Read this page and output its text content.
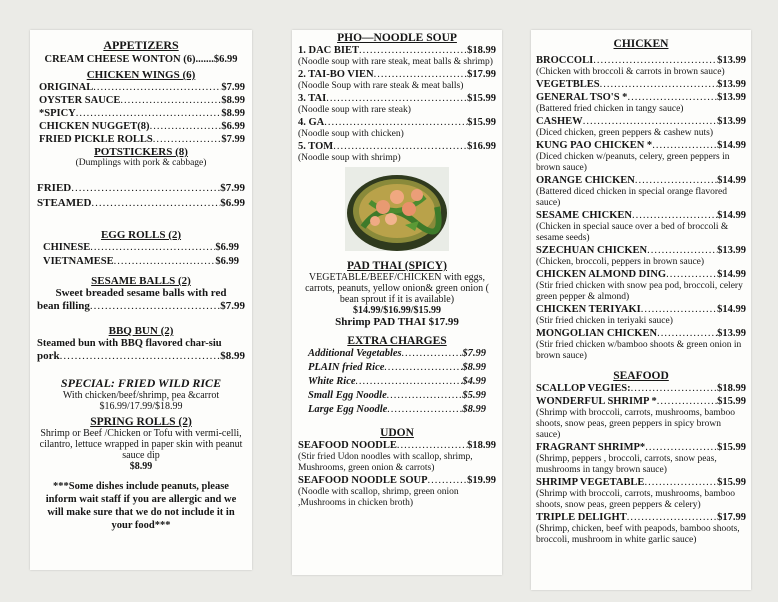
APPETIZERS
CREAM CHEESE WONTON (6).......$6.99
CHICKEN WINGS (6)
ORIGINAL .....	$7.99
OYSTER SAUCE .....	$8.99
*SPICY .....	$8.99
CHICKEN NUGGET(8) .....	$6.99
FRIED PICKLE ROLLS .....	$7.99
POTSTICKERS (8)
(Dumplings with pork & cabbage)
FRIED .....	$7.99
STEAMED .....	$6.99
EGG ROLLS (2)
CHINESE .....	$6.99
VIETNAMESE .....	$6.99
SESAME BALLS (2)
Sweet breaded sesame balls with red
bean filling .....	$7.99
BBQ BUN (2)
Steamed bun with BBQ flavored char-siu
pork .....	$8.99
SPECIAL: FRIED WILD RICE
With chicken/beef/shrimp, pea &carrot
$16.99/17.99/$18.99
SPRING ROLLS (2)
Shrimp or Beef /Chicken or Tofu with vermi-celli, cilantro, lettuce wrapped in paper skin with peanut sauce dip
$8.99
***Some dishes include peanuts, please inform wait staff if you are allergic and we will make sure that we do not include it in your food***
PHO—NOODLE SOUP
1. DAC BIET .....	$18.99
(Noodle soup with rare steak, meat balls & shrimp)
2. TAI-BO VIEN .....	$17.99
(Noodle Soup with rare steak & meat balls)
3. TAI .....	$15.99
(Noodle soup with rare steak)
4. GA .....	$15.99
(Noodle soup with chicken)
5. TOM .....	$16.99
(Noodle soup with shrimp)
PAD THAI (SPICY)
VEGETABLE/BEEF/CHICKEN with eggs, carrots, peanuts, yellow onion& green onion ( bean sprout if it is available)
$14.99/$16.99/$15.99
Shrimp PAD THAI $17.99
EXTRA CHARGES
Additional Vegetables .....	$7.99
PLAIN fried Rice .....	$8.99
White Rice .....	$4.99
Small Egg Noodle .....	$5.99
Large Egg Noodle .....	$8.99
UDON
SEAFOOD NOODLE .....	$18.99
(Stir fried Udon noodles with scallop, shrimp, Mushrooms, green onion & carrots)
SEAFOOD NOODLE SOUP .....	$19.99
(Noodle with scallop, shrimp, green onion ,Mushrooms in chicken broth)
CHICKEN
BROCCOLI .....	$13.99
(Chicken with broccoli & carrots in brown sauce)
VEGETBLES .....	$13.99
GENERAL TSO'S * .....	$13.99
(Battered fried chicken in tangy sauce)
CASHEW .....	$13.99
(Diced chicken, green peppers & cashew nuts)
KUNG PAO CHICKEN * .....	$14.99
(Diced chicken w/peanuts, celery, green peppers in brown sauce)
ORANGE CHICKEN .....	$14.99
(Battered diced chicken in special orange flavored sauce)
SESAME CHICKEN .....	$14.99
(Chicken in special sauce over a bed of broccoli & sesame seeds)
SZECHUAN CHICKEN .....	$13.99
(Chicken, broccoli, peppers in brown sauce)
CHICKEN ALMOND DING .....	$14.99
(Stir fried chicken with snow pea pod, broccoli, celery green pepper & almond)
CHICKEN TERIYAKI .....	$14.99
(Stir fried chicken in teriyaki sauce)
MONGOLIAN CHICKEN .....	$13.99
(Stir fried chicken w/bamboo shoots & green onion in brown sauce)
SEAFOOD
SCALLOP VEGIES: .....	$18.99
WONDERFUL SHRIMP * .....	$15.99
(Shrimp with broccoli, carrots, mushrooms, bamboo shoots, snow peas, green peppers in spicy brown sauce)
FRAGRANT SHRIMP* .....	$15.99
(Shrimp, peppers , broccoli, carrots, snow peas, mushrooms in tangy brown sauce)
SHRIMP VEGETABLE .....	$15.99
(Shrimp with broccoli, carrots, mushrooms, bamboo shoots, snow peas, green peppers & celery)
TRIPLE DELIGHT .....	$17.99
(Shrimp, chicken, beef with peapods, bamboo shoots, broccoli, mushroom in white garlic sauce)
